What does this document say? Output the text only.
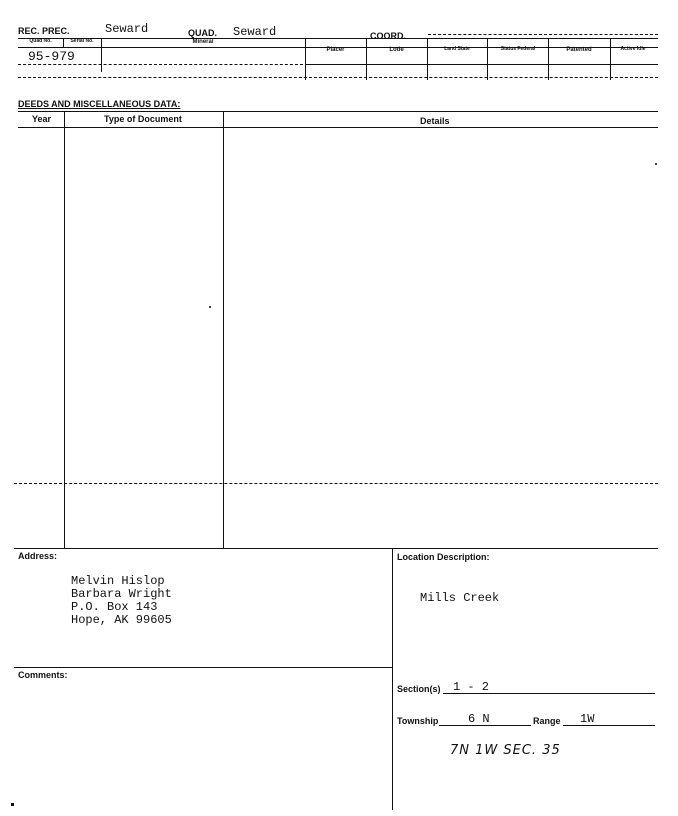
REC. PREC.	Seward	QUAD. Seward	COORD.
Quad No.	Serial No.	Mineral
Placer	Lode	Land State	Status Federal	Patented	Active Idle
95-979
DEEDS AND MISCELLANEOUS DATA:
Year	Type of Document	Details
Address:
Melvin Hislop
Barbara Wright
P.O. Box 143
Hope, AK 99605
Location Description:
Mills Creek
Comments:
Section(s) 1 - 2
Township 6 N	Range 1W
7N 1W SEC. 35
